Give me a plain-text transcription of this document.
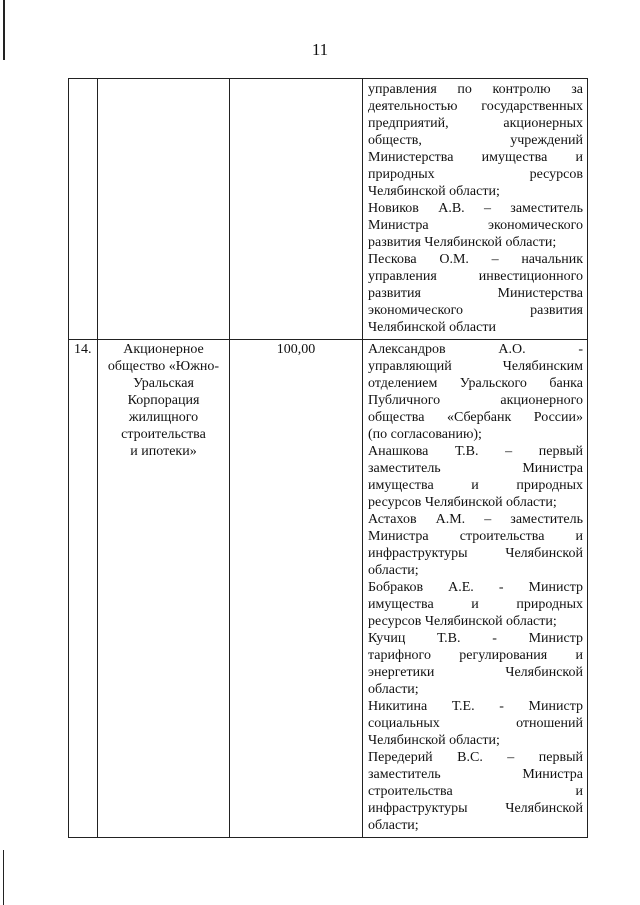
11
управления по контролю за
деятельностью государственных
предприятий, акционерных
обществ, учреждений
Министерства имущества и
природных ресурсов
Челябинской области;
Новиков А.В. – заместитель
Министра экономического
развития Челябинской области;
Пескова О.М. – начальник
управления инвестиционного
развития Министерства
экономического развития
Челябинской области
14.	Акционерное
общество «Южно-
Уральская
Корпорация
жилищного
строительства
и ипотеки»
100,00	Александров А.О. -
управляющий Челябинским
отделением Уральского банка
Публичного акционерного
общества «Сбербанк России»
(по согласованию);
Анашкова Т.В. – первый
заместитель Министра
имущества и природных
ресурсов Челябинской области;
Астахов А.М. – заместитель
Министра строительства и
инфраструктуры Челябинской
области;
Бобраков А.Е. - Министр
имущества и природных
ресурсов Челябинской области;
Кучиц Т.В. - Министр
тарифного регулирования и
энергетики Челябинской
области;
Никитина Т.Е. - Министр
социальных отношений
Челябинской области;
Передерий В.С. – первый
заместитель Министра
строительства и
инфраструктуры Челябинской
области;
